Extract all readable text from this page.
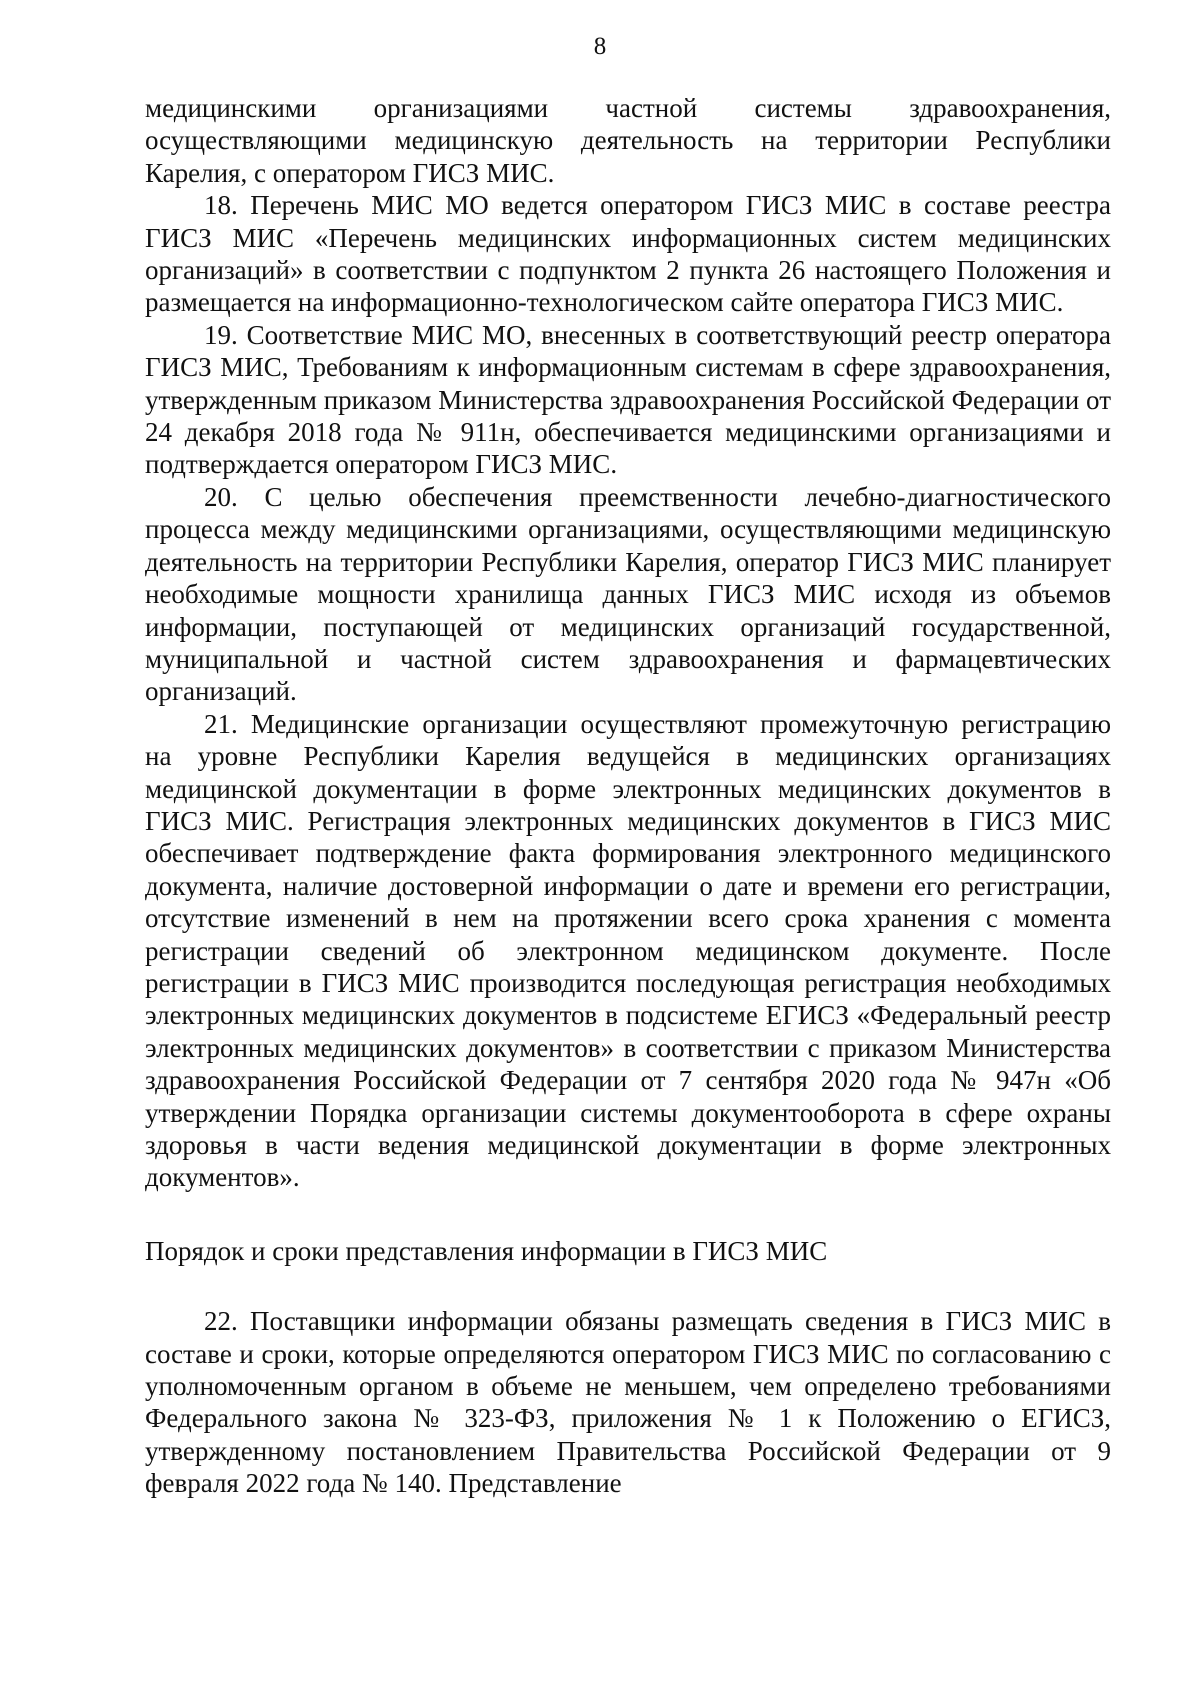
8

медицинскими организациями частной системы здравоохранения, осуществляющими медицинскую деятельность на территории Республики Карелия, с оператором ГИСЗ МИС.

18. Перечень МИС МО ведется оператором ГИСЗ МИС в составе реестра ГИСЗ МИС «Перечень медицинских информационных систем медицинских организаций» в соответствии с подпунктом 2 пункта 26 настоящего Положения и размещается на информационно-технологическом сайте оператора ГИСЗ МИС.

19. Соответствие МИС МО, внесенных в соответствующий реестр оператора ГИСЗ МИС, Требованиям к информационным системам в сфере здравоохранения, утвержденным приказом Министерства здравоохранения Российской Федерации от 24 декабря 2018 года № 911н, обеспечивается медицинскими организациями и подтверждается оператором ГИСЗ МИС.

20. С целью обеспечения преемственности лечебно-диагностического процесса между медицинскими организациями, осуществляющими медицинскую деятельность на территории Республики Карелия, оператор ГИСЗ МИС планирует необходимые мощности хранилища данных ГИСЗ МИС исходя из объемов информации, поступающей от медицинских организаций государственной, муниципальной и частной систем здравоохранения и фармацевтических организаций.

21. Медицинские организации осуществляют промежуточную регистрацию на уровне Республики Карелия ведущейся в медицинских организациях медицинской документации в форме электронных медицинских документов в ГИСЗ МИС. Регистрация электронных медицинских документов в ГИСЗ МИС обеспечивает подтверждение факта формирования электронного медицинского документа, наличие достоверной информации о дате и времени его регистрации, отсутствие изменений в нем на протяжении всего срока хранения с момента регистрации сведений об электронном медицинском документе. После регистрации в ГИСЗ МИС производится последующая регистрация необходимых электронных медицинских документов в подсистеме ЕГИСЗ «Федеральный реестр электронных медицинских документов» в соответствии с приказом Министерства здравоохранения Российской Федерации от 7 сентября 2020 года № 947н «Об утверждении Порядка организации системы документооборота в сфере охраны здоровья в части ведения медицинской документации в форме электронных документов».

Порядок и сроки представления информации в ГИСЗ МИС

22. Поставщики информации обязаны размещать сведения в ГИСЗ МИС в составе и сроки, которые определяются оператором ГИСЗ МИС по согласованию с уполномоченным органом в объеме не меньшем, чем определено требованиями Федерального закона № 323-ФЗ, приложения № 1 к Положению о ЕГИСЗ, утвержденному постановлением Правительства Российской Федерации от 9 февраля 2022 года № 140. Представление
